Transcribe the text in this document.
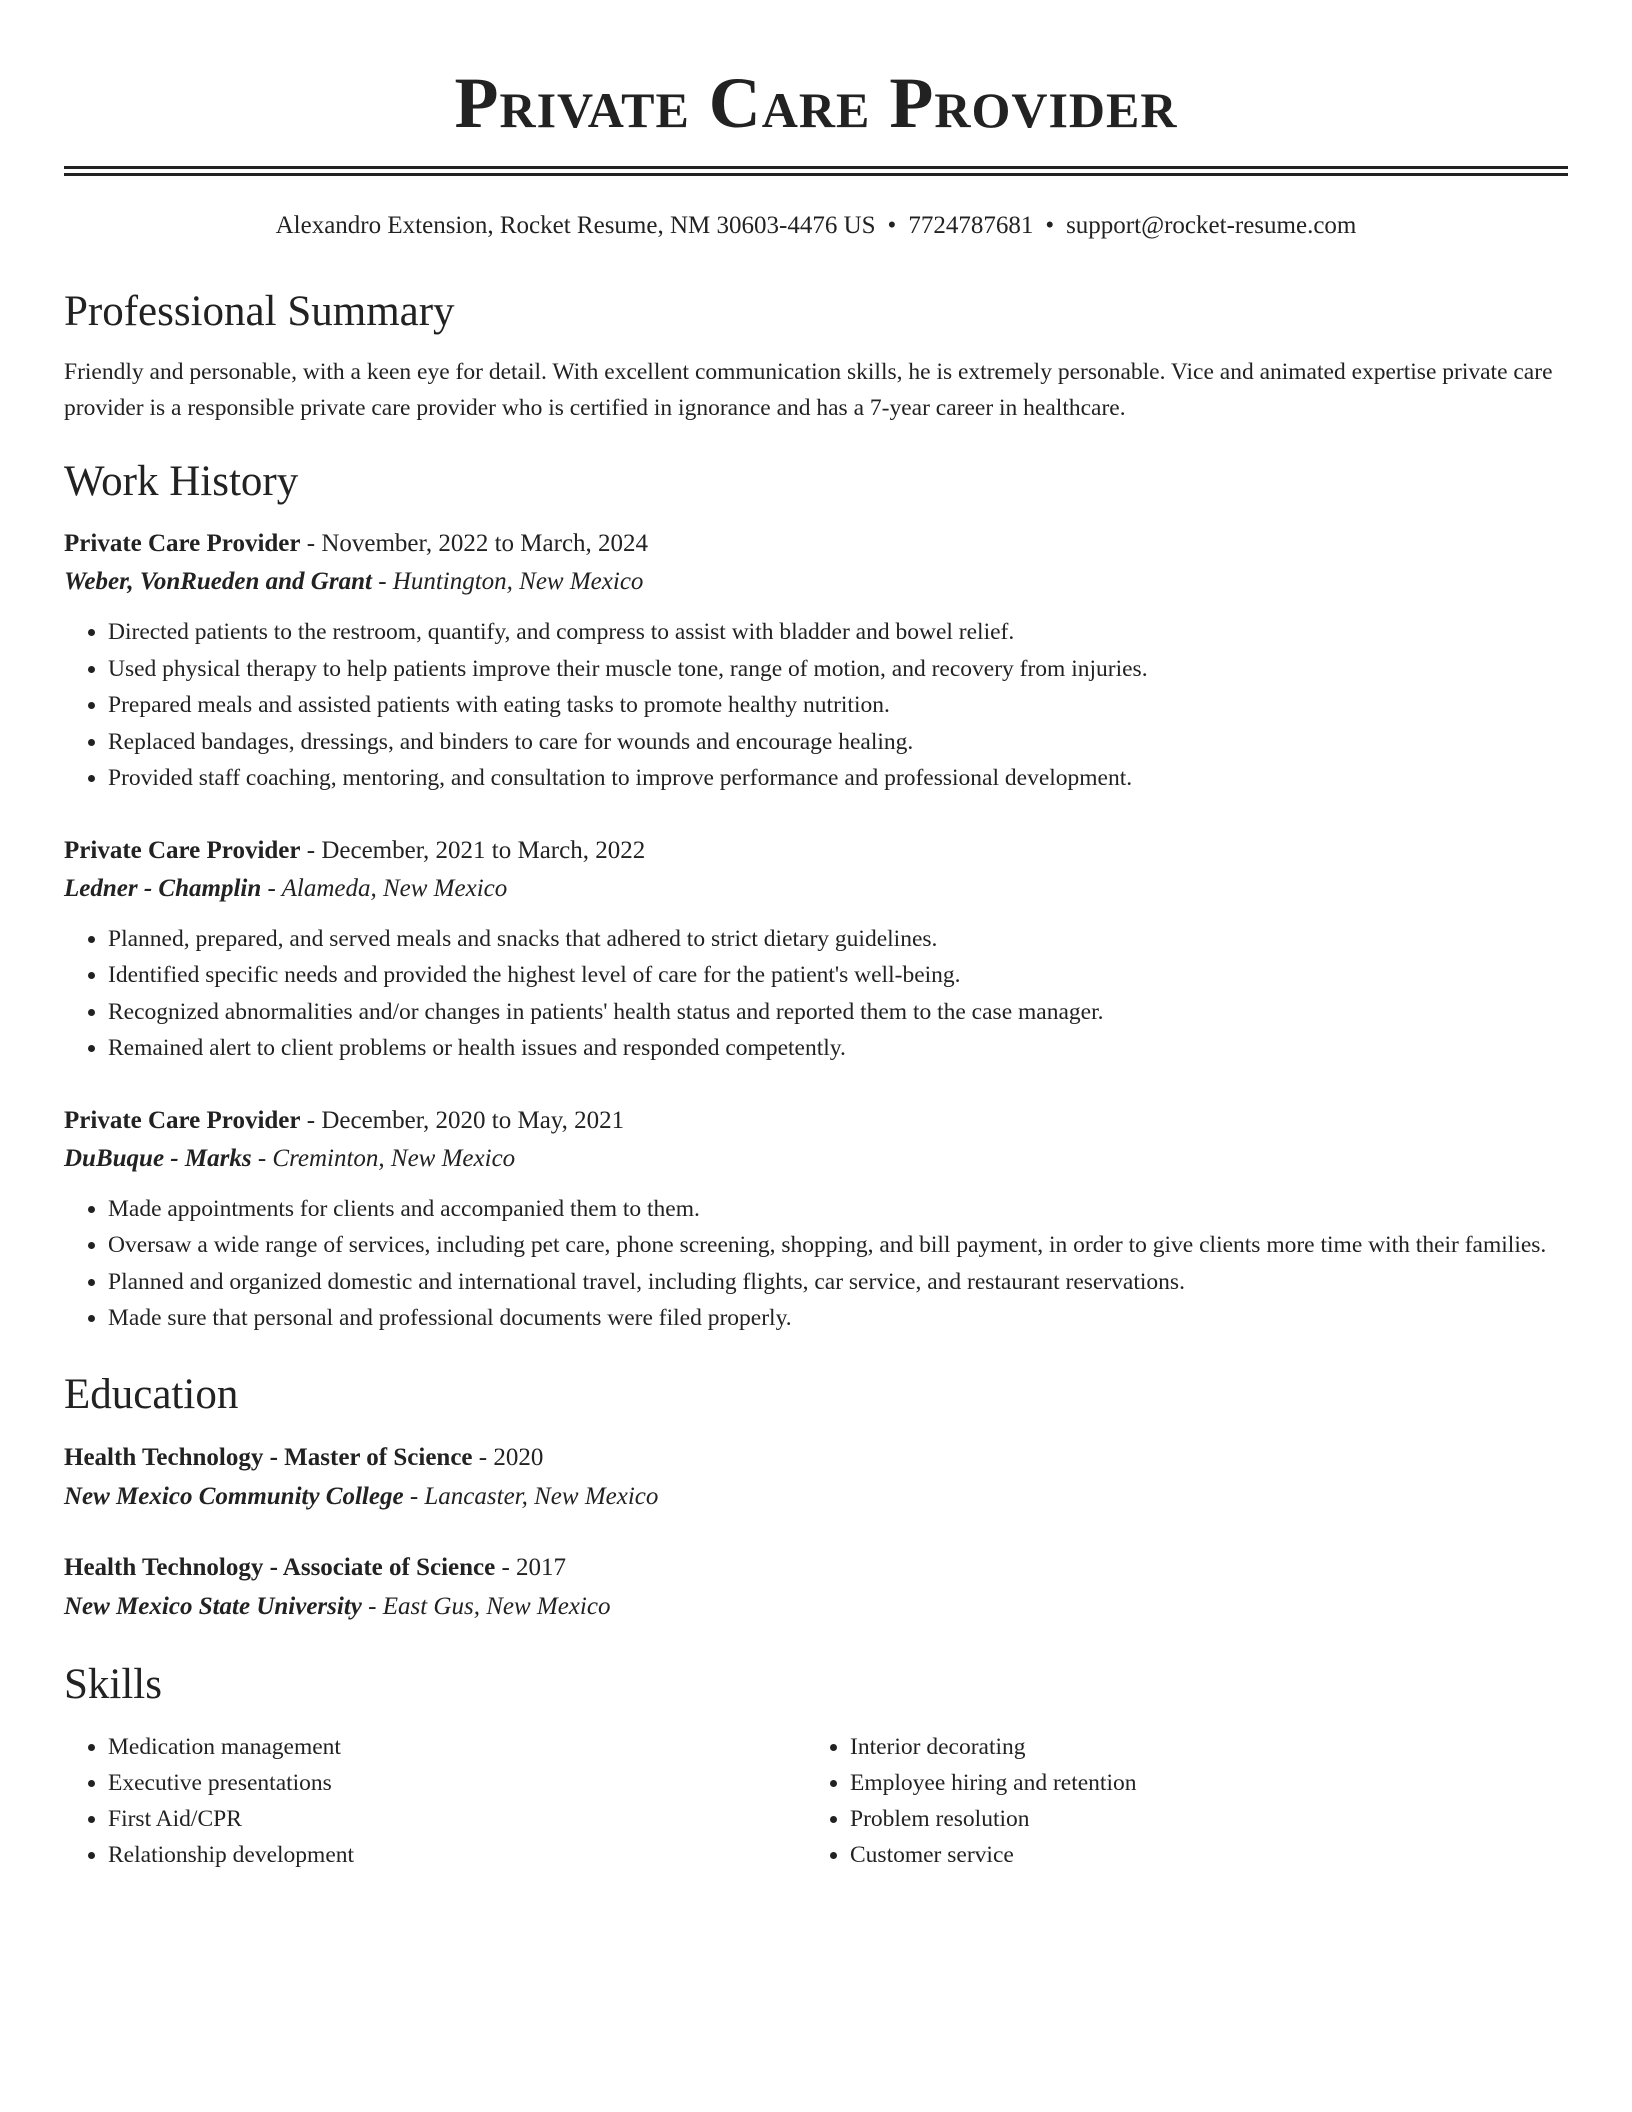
Private Care Provider
Alexandro Extension, Rocket Resume, NM 30603-4476 US • 7724787681 • support@rocket-resume.com
Professional Summary

Friendly and personable, with a keen eye for detail. With excellent communication skills, he is extremely personable. Vice and animated expertise private care provider is a responsible private care provider who is certified in ignorance and has a 7-year career in healthcare.

Work History
Private Care Provider - November, 2022 to March, 2024
Weber, VonRueden and Grant - Huntington, New Mexico
• Directed patients to the restroom, quantify, and compress to assist with bladder and bowel relief.
• Used physical therapy to help patients improve their muscle tone, range of motion, and recovery from injuries.
• Prepared meals and assisted patients with eating tasks to promote healthy nutrition.
• Replaced bandages, dressings, and binders to care for wounds and encourage healing.
• Provided staff coaching, mentoring, and consultation to improve performance and professional development.
Private Care Provider - December, 2021 to March, 2022
Ledner - Champlin - Alameda, New Mexico
• Planned, prepared, and served meals and snacks that adhered to strict dietary guidelines.
• Identified specific needs and provided the highest level of care for the patient's well-being.
• Recognized abnormalities and/or changes in patients' health status and reported them to the case manager.
• Remained alert to client problems or health issues and responded competently.
Private Care Provider - December, 2020 to May, 2021
DuBuque - Marks - Creminton, New Mexico
• Made appointments for clients and accompanied them to them.
• Oversaw a wide range of services, including pet care, phone screening, shopping, and bill payment, in order to give clients more time with their families.
• Planned and organized domestic and international travel, including flights, car service, and restaurant reservations.
• Made sure that personal and professional documents were filed properly.
Education
Health Technology - Master of Science - 2020
New Mexico Community College - Lancaster, New Mexico
Health Technology - Associate of Science - 2017
New Mexico State University - East Gus, New Mexico
Skills
• Medication management
• Executive presentations
• First Aid/CPR
• Relationship development
• Interior decorating
• Employee hiring and retention
• Problem resolution
• Customer service
